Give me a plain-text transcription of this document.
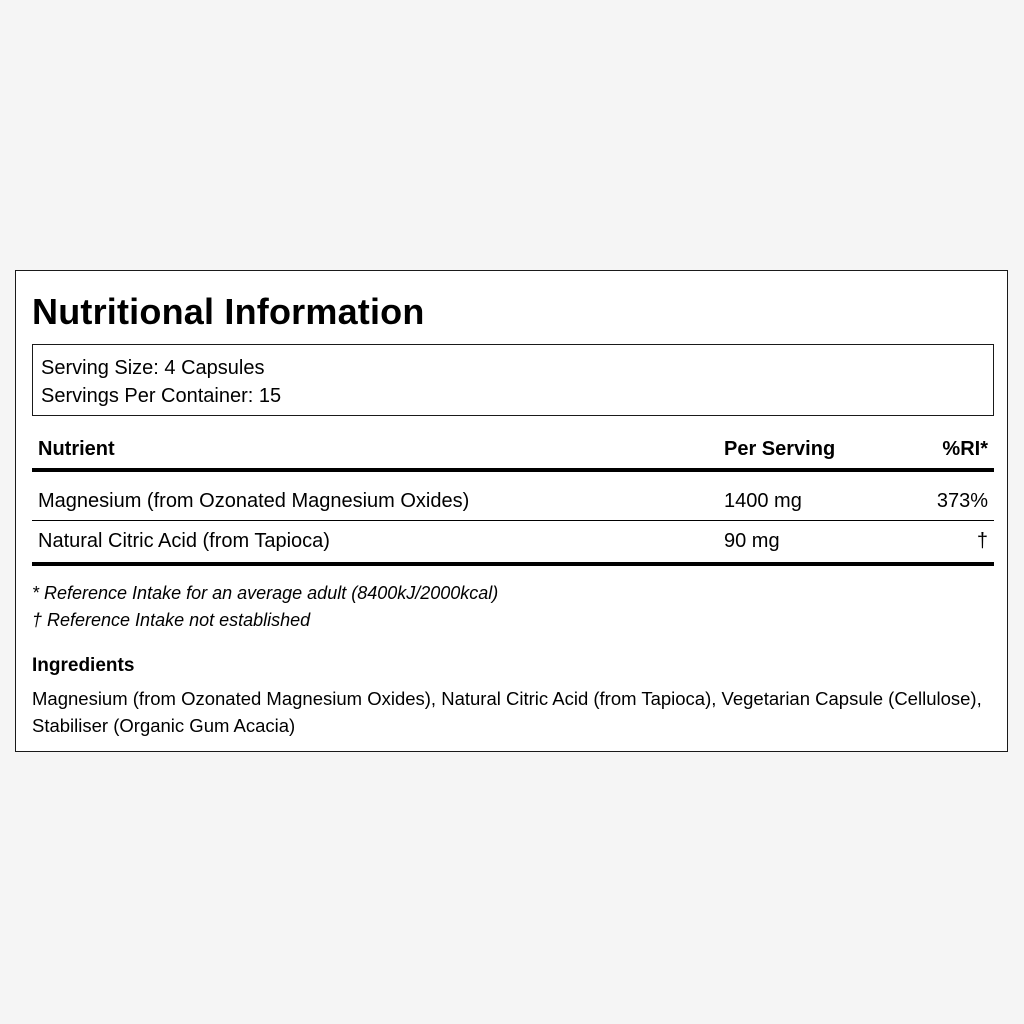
Nutritional Information
Serving Size: 4 Capsules
Servings Per Container: 15
Nutrient	Per Serving	%RI*
Magnesium (from Ozonated Magnesium Oxides)	1400 mg	373%
Natural Citric Acid (from Tapioca)	90 mg	†
* Reference Intake for an average adult (8400kJ/2000kcal)
† Reference Intake not established
Ingredients

Magnesium (from Ozonated Magnesium Oxides), Natural Citric Acid (from Tapioca), Vegetarian Capsule (Cellulose), Stabiliser (Organic Gum Acacia)
